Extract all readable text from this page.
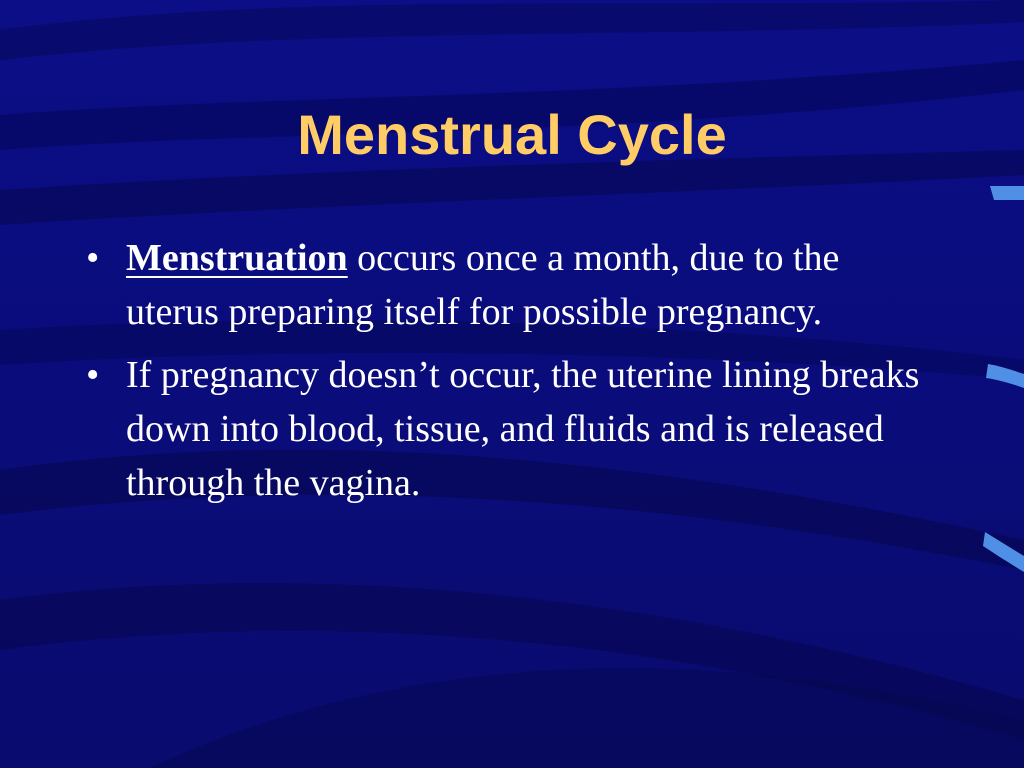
Menstrual Cycle
• Menstruation occurs once a month, due to the uterus preparing itself for possible pregnancy.
• If pregnancy doesn’t occur, the uterine lining breaks down into blood, tissue, and fluids and is released through the vagina.
